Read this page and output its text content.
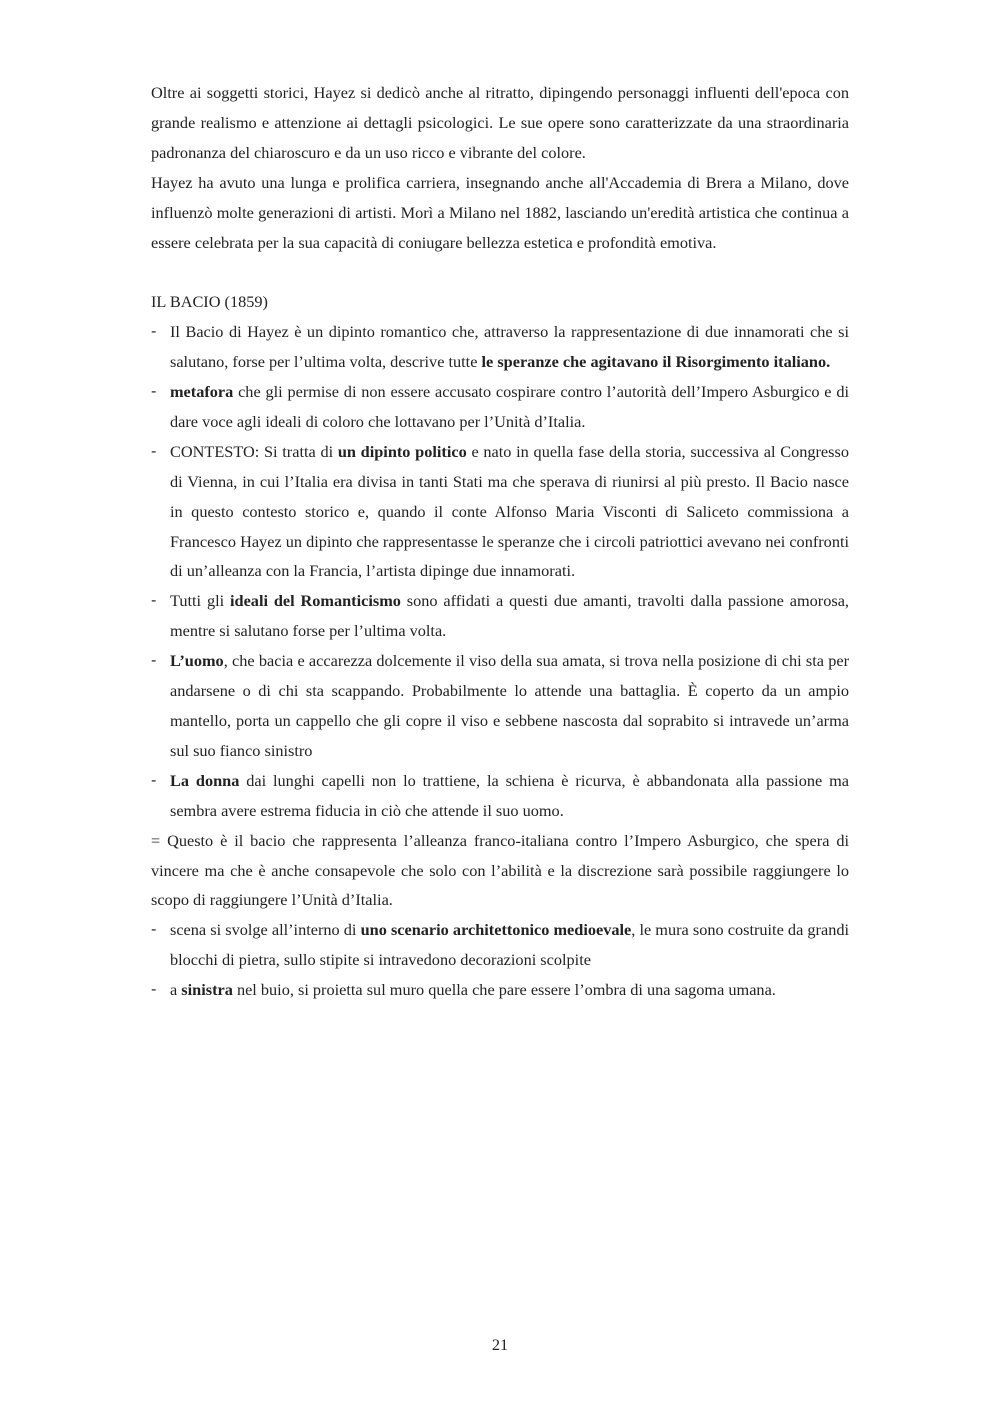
Oltre ai soggetti storici, Hayez si dedicò anche al ritratto, dipingendo personaggi influenti dell'epoca con grande realismo e attenzione ai dettagli psicologici. Le sue opere sono caratterizzate da una straordinaria padronanza del chiaroscuro e da un uso ricco e vibrante del colore.

Hayez ha avuto una lunga e prolifica carriera, insegnando anche all'Accademia di Brera a Milano, dove influenzò molte generazioni di artisti. Morì a Milano nel 1882, lasciando un'eredità artistica che continua a essere celebrata per la sua capacità di coniugare bellezza estetica e profondità emotiva.

IL BACIO (1859)

- Il Bacio di Hayez è un dipinto romantico che, attraverso la rappresentazione di due innamorati che si salutano, forse per l’ultima volta, descrive tutte le speranze che agitavano il Risorgimento italiano.
- metafora che gli permise di non essere accusato cospirare contro l’autorità dell’Impero Asburgico e di dare voce agli ideali di coloro che lottavano per l’Unità d’Italia.
- CONTESTO: Si tratta di un dipinto politico e nato in quella fase della storia, successiva al Congresso di Vienna, in cui l’Italia era divisa in tanti Stati ma che sperava di riunirsi al più presto. Il Bacio nasce in questo contesto storico e, quando il conte Alfonso Maria Visconti di Saliceto commissiona a Francesco Hayez un dipinto che rappresentasse le speranze che i circoli patriottici avevano nei confronti di un’alleanza con la Francia, l’artista dipinge due innamorati.
- Tutti gli ideali del Romanticismo sono affidati a questi due amanti, travolti dalla passione amorosa, mentre si salutano forse per l’ultima volta.
- L’uomo, che bacia e accarezza dolcemente il viso della sua amata, si trova nella posizione di chi sta per andarsene o di chi sta scappando. Probabilmente lo attende una battaglia. È coperto da un ampio mantello, porta un cappello che gli copre il viso e sebbene nascosta dal soprabito si intravede un’arma sul suo fianco sinistro
- La donna dai lunghi capelli non lo trattiene, la schiena è ricurva, è abbandonata alla passione ma sembra avere estrema fiducia in ciò che attende il suo uomo.

= Questo è il bacio che rappresenta l’alleanza franco-italiana contro l’Impero Asburgico, che spera di vincere ma che è anche consapevole che solo con l’abilità e la discrezione sarà possibile raggiungere lo scopo di raggiungere l’Unità d’Italia.

- scena si svolge all’interno di uno scenario architettonico medioevale, le mura sono costruite da grandi blocchi di pietra, sullo stipite si intravedono decorazioni scolpite
- a sinistra nel buio, si proietta sul muro quella che pare essere l’ombra di una sagoma umana.
21
